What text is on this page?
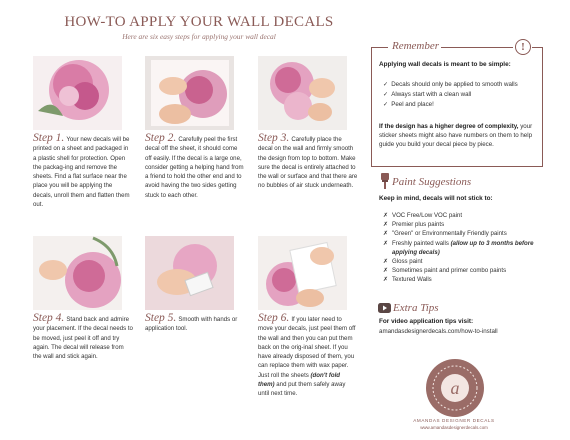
HOW-TO APPLY YOUR WALL DECALS
Here are six easy steps for applying your wall decal
Step 1. Your new decals will be printed on a sheet and packaged in a plastic shell for protection. Open the packag-ing and remove the sheets. Find a flat surface near the place you will be applying the decals, unroll them and flatten them out.
Step 2. Carefully peel the first decal off the sheet, it should come off easily. If the decal is a large one, consider getting a helping hand from a friend to hold the other end and to avoid having the two sides getting stuck to each other.
Step 3. Carefully place the decal on the wall and firmly smooth the design from top to bottom. Make sure the decal is entirely attached to the wall or surface and that there are no bubbles of air stuck underneath.
Step 4. Stand back and admire your placement. If the decal needs to be moved, just peel it off and try again. The decal will release from the wall and stick again.
Step 5. Smooth with hands or application tool.
Step 6. If you later need to move your decals, just peel them off the wall and then you can put them back on the orig-inal sheet. If you have already disposed of them, you can replace them with wax paper. Just roll the sheets (don't fold them) and put them safely away until next time.
Remember	!
Applying wall decals is meant to be simple:
✓ Decals should only be applied to smooth walls
✓ Always start with a clean wall
✓ Peel and place!
If the design has a higher degree of complexity, your sticker sheets might also have numbers on them to help guide you build your decal piece by piece.
Paint Suggestions
Keep in mind, decals will not stick to:
✗ VOC Free/Low VOC paint
✗ Premier plus paints
✗ "Green" or Environmentally Friendly paints
✗ Freshly painted walls (allow up to 3 months before applying decals)
✗ Gloss paint
✗ Sometimes paint and primer combo paints
✗ Textured Walls
Extra Tips
For video application tips visit:
amandasdesignerdecals.com/how-to-install
a
AMANDAS DESIGNER DECALS
www.amandasdesignerdecals.com
